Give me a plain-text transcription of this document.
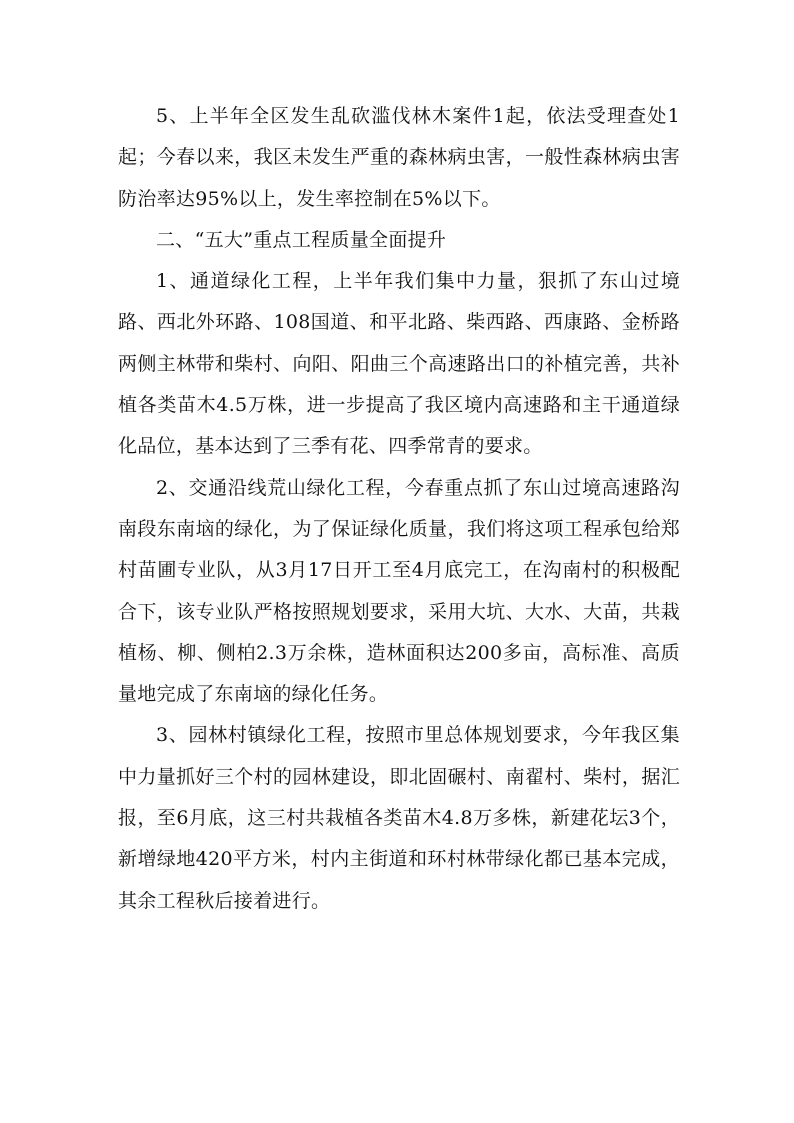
5、上半年全区发生乱砍滥伐林木案件1起，依法受理查处1起；今春以来，我区未发生严重的森林病虫害，一般性森林病虫害防治率达95%以上，发生率控制在5%以下。

二、“五大”重点工程质量全面提升

1、通道绿化工程，上半年我们集中力量，狠抓了东山过境路、西北外环路、108国道、和平北路、柴西路、西康路、金桥路两侧主林带和柴村、向阳、阳曲三个高速路出口的补植完善，共补植各类苗木4.5万株，进一步提高了我区境内高速路和主干通道绿化品位，基本达到了三季有花、四季常青的要求。

2、交通沿线荒山绿化工程，今春重点抓了东山过境高速路沟南段东南垴的绿化，为了保证绿化质量，我们将这项工程承包给郑村苗圃专业队，从3月17日开工至4月底完工，在沟南村的积极配合下，该专业队严格按照规划要求，采用大坑、大水、大苗，共栽植杨、柳、侧柏2.3万余株，造林面积达200多亩，高标准、高质量地完成了东南垴的绿化任务。

3、园林村镇绿化工程，按照市里总体规划要求，今年我区集中力量抓好三个村的园林建设，即北固碾村、南翟村、柴村，据汇报，至6月底，这三村共栽植各类苗木4.8万多株，新建花坛3个，新增绿地420平方米，村内主街道和环村林带绿化都已基本完成，其余工程秋后接着进行。
